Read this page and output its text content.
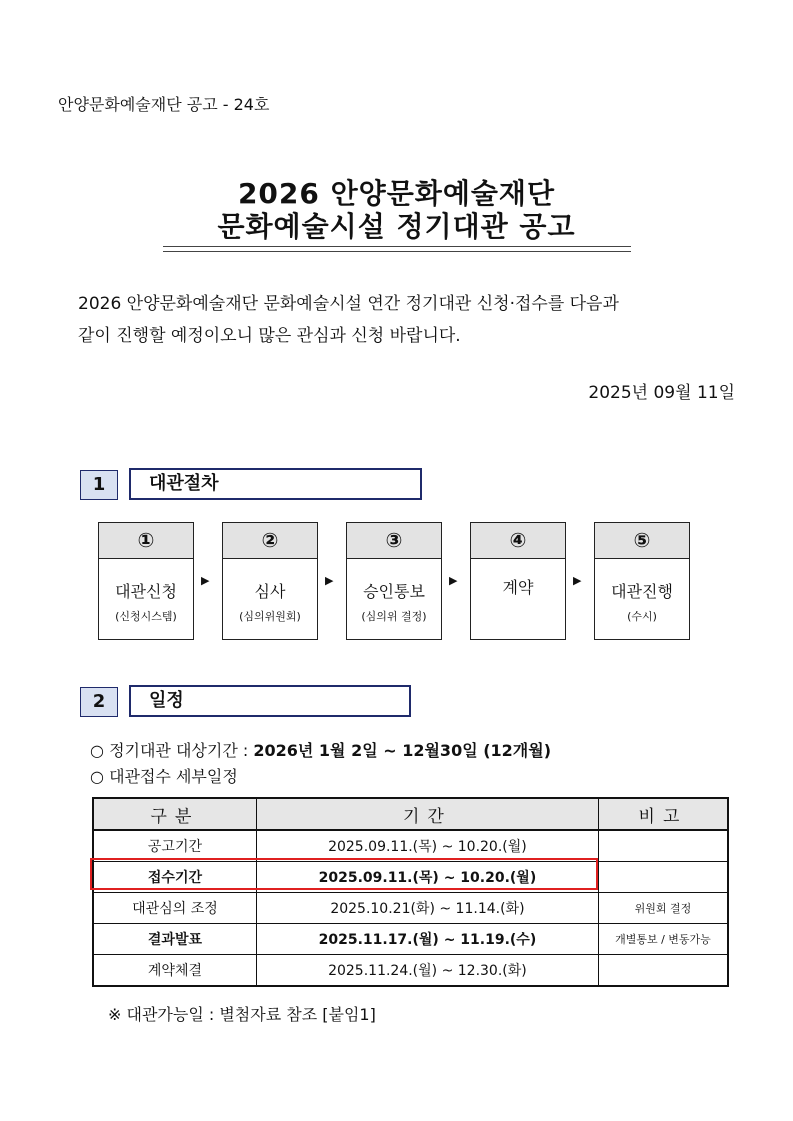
안양문화예술재단 공고 - 24호
2026 안양문화예술재단
문화예술시설 정기대관 공고
2026 안양문화예술재단 문화예술시설 연간 정기대관 신청·접수를 다음과
같이 진행할 예정이오니 많은 관심과 신청 바랍니다.
2025년 09월 11일
1	대관절차
①
대관신청
(신청시스템)
▶
②
심사
(심의위원회)
▶
③
승인통보
(심의위 결정)
▶
④
계약	▶
⑤
대관진행
(수시)
2	일정
○ 정기대관 대상기간 : 2026년 1월 2일 ~ 12월30일 (12개월)
○ 대관접수 세부일정
구분	기간	비고
공고기간	2025.09.11.(목) ~ 10.20.(월)	
접수기간	2025.09.11.(목) ~ 10.20.(월)	
대관심의 조정	2025.10.21(화) ~ 11.14.(화)	위원회 결정
결과발표	2025.11.17.(월) ~ 11.19.(수)	개별통보 / 변동가능
계약체결	2025.11.24.(월) ~ 12.30.(화)	
※ 대관가능일 : 별첨자료 참조 [붙임1]
